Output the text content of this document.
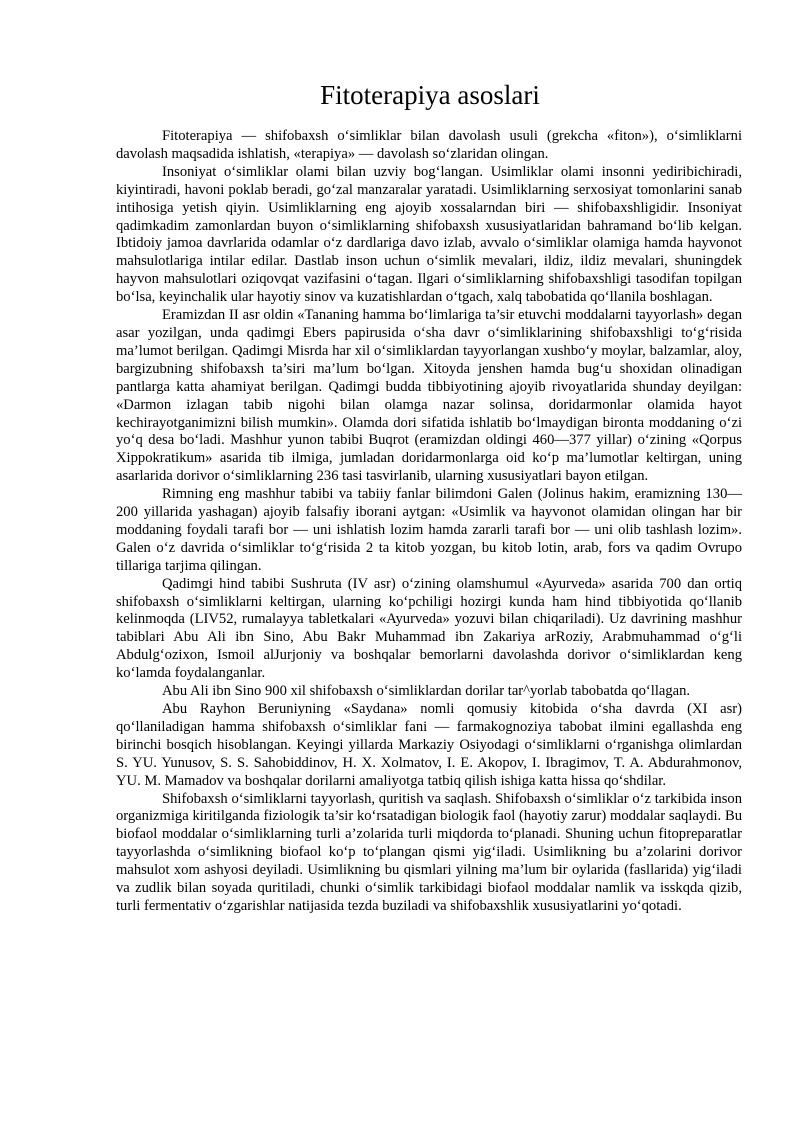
Fitoterapiya asoslari

Fitoterapiya — shifobaxsh o‘simliklar bilan davolash usuli (grekcha «fiton»), o‘simliklarni davolash maqsadida ishlatish, «terapiya» — davolash so‘zlaridan olingan.

Insoniyat o‘simliklar olami bilan uzviy bog‘langan. Usimliklar olami insonni yediribichiradi, kiyintiradi, havoni poklab beradi, go‘zal manzaralar yaratadi. Usimliklarning serxosiyat tomonlarini sanab intihosiga yetish qiyin. Usimliklarning eng ajoyib xossalarndan biri — shifobaxshligidir. Insoniyat qadimkadim zamonlardan buyon o‘simliklarning shifobaxsh xususiyatlaridan bahramand bo‘lib kelgan. Ibtidoiy jamoa davrlarida odamlar o‘z dardlariga davo izlab, avvalo o‘simliklar olamiga hamda hayvonot mahsulotlariga intilar edilar. Dastlab inson uchun o‘simlik mevalari, ildiz, ildiz mevalari, shuningdek hayvon mahsulotlari oziqovqat vazifasini o‘tagan. Ilgari o‘simliklarning shifobaxshligi tasodifan topilgan bo‘lsa, keyinchalik ular hayotiy sinov va kuzatishlardan o‘tgach, xalq tabobatida qo‘llanila boshlagan.

Eramizdan II asr oldin «Tananing hamma bo‘limlariga ta’sir etuvchi moddalarni tayyorlash» degan asar yozilgan, unda qadimgi Ebers papirusida o‘sha davr o‘simliklarining shifobaxshligi to‘g‘risida ma’lumot berilgan. Qadimgi Misrda har xil o‘simliklardan tayyorlangan xushbo‘y moylar, balzamlar, aloy, bargizubning shifobaxsh ta’siri ma’lum bo‘lgan. Xitoyda jenshen hamda bug‘u shoxidan olinadigan pantlarga katta ahamiyat berilgan. Qadimgi budda tibbiyotining ajoyib rivoyatlarida shunday deyilgan: «Darmon izlagan tabib nigohi bilan olamga nazar solinsa, doridarmonlar olamida hayot kechirayotganimizni bilish mumkin». Olamda dori sifatida ishlatib bo‘lmaydigan bironta moddaning o‘zi yo‘q desa bo‘ladi. Mashhur yunon tabibi Buqrot (eramizdan oldingi 460—377 yillar) o‘zining «Qorpus Xippokratikum» asarida tib ilmiga, jumladan doridarmonlarga oid ko‘p ma’lumotlar keltirgan, uning asarlarida dorivor o‘simliklarning 236 tasi tasvirlanib, ularning xususiyatlari bayon etilgan.

Rimning eng mashhur tabibi va tabiiy fanlar bilimdoni Galen (Jolinus hakim, eramizning 130—200 yillarida yashagan) ajoyib falsafiy iborani aytgan: «Usimlik va hayvonot olamidan olingan har bir moddaning foydali tarafi bor — uni ishlatish lozim hamda zararli tarafi bor — uni olib tashlash lozim». Galen o‘z davrida o‘simliklar to‘g‘risida 2 ta kitob yozgan, bu kitob lotin, arab, fors va qadim Ovrupo tillariga tarjima qilingan.

Qadimgi hind tabibi Sushruta (IV asr) o‘zining olamshumul «Ayurveda» asarida 700 dan ortiq shifobaxsh o‘simliklarni keltirgan, ularning ko‘pchiligi hozirgi kunda ham hind tibbiyotida qo‘llanib kelinmoqda (LIV52, rumalayya tabletkalari «Ayurveda» yozuvi bilan chiqariladi). Uz davrining mashhur tabiblari Abu Ali ibn Sino, Abu Bakr Muhammad ibn Zakariya arRoziy, Arabmuhammad o‘g‘li Abdulg‘ozixon, Ismoil alJurjoniy va boshqalar bemorlarni davolashda dorivor o‘simliklardan keng ko‘lamda foydalanganlar.

Abu Ali ibn Sino 900 xil shifobaxsh o‘simliklardan dorilar tar^yorlab tabobatda qo‘llagan.

Abu Rayhon Beruniyning «Saydana» nomli qomusiy kitobida o‘sha davrda (XI asr) qo‘llaniladigan hamma shifobaxsh o‘simliklar fani — farmakognoziya tabobat ilmini egallashda eng birinchi bosqich hisoblangan. Keyingi yillarda Markaziy Osiyodagi o‘simliklarni o‘rganishga olimlardan S. YU. Yunusov, S. S. Sahobiddinov, H. X. Xolmatov, I. E. Akopov, I. Ibragimov, T. A. Abdurahmonov, YU. M. Mamadov va boshqalar dorilarni amaliyotga tatbiq qilish ishiga katta hissa qo‘shdilar.

Shifobaxsh o‘simliklarni tayyorlash, quritish va saqlash. Shifobaxsh o‘simliklar o‘z tarkibida inson organizmiga kiritilganda fiziologik ta’sir ko‘rsatadigan biologik faol (hayotiy zarur) moddalar saqlaydi. Bu biofaol moddalar o‘simliklarning turli a’zolarida turli miqdorda to‘planadi. Shuning uchun fitopreparatlar tayyorlashda o‘simlikning biofaol ko‘p to‘plangan qismi yig‘iladi. Usimlikning bu a’zolarini dorivor mahsulot xom ashyosi deyiladi. Usimlikning bu qismlari yilning ma’lum bir oylarida (fasllarida) yig‘iladi va zudlik bilan soyada quritiladi, chunki o‘simlik tarkibidagi biofaol moddalar namlik va isskqda qizib, turli fermentativ o‘zgarishlar natijasida tezda buziladi va shifobaxshlik xususiyatlarini yo‘qotadi.
